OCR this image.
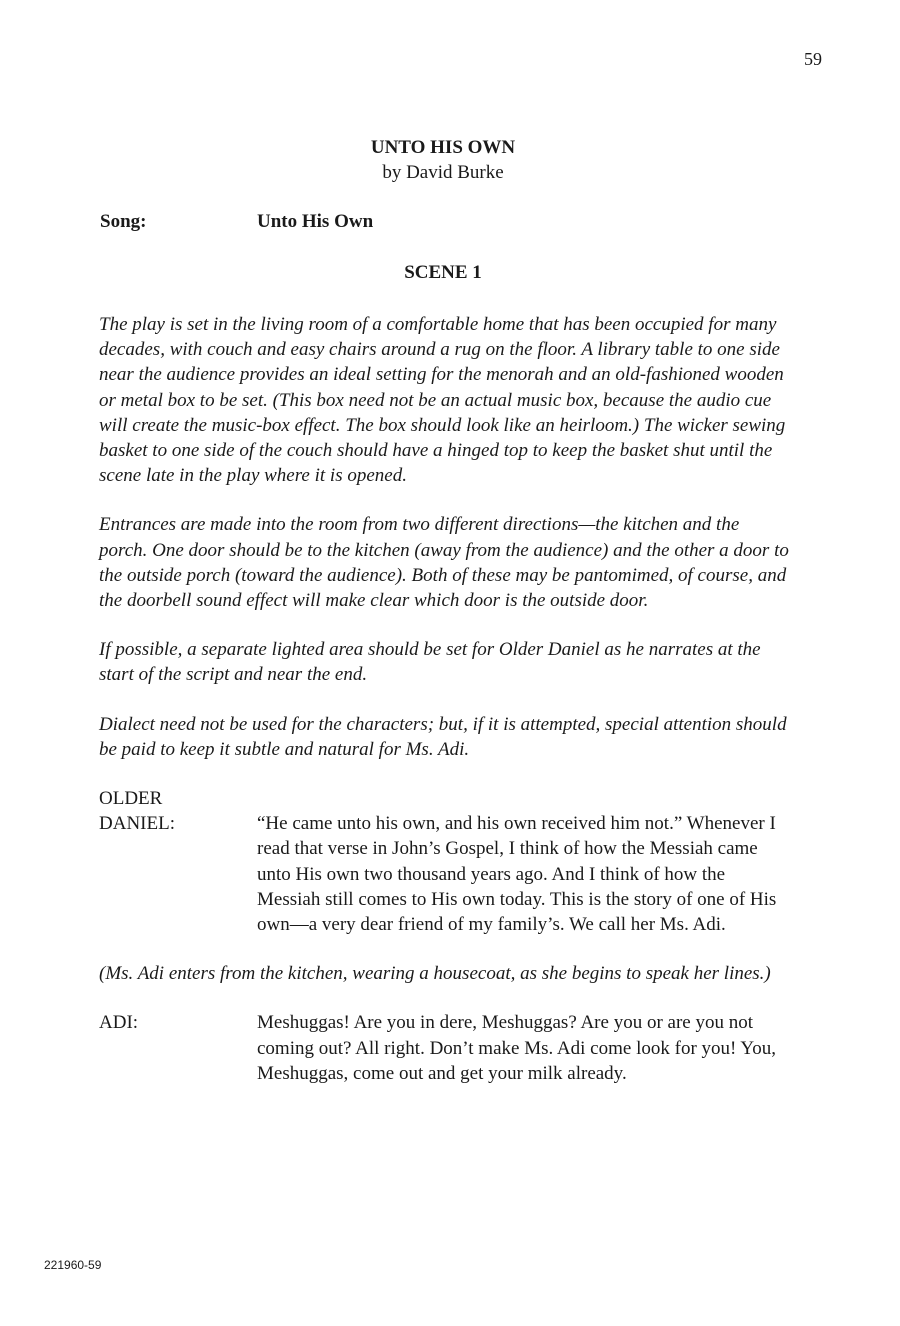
59
UNTO HIS OWN
by David Burke
Song:	Unto His Own
SCENE 1

The play is set in the living room of a comfortable home that has been occupied for many decades, with couch and easy chairs around a rug on the floor. A library table to one side near the audience provides an ideal setting for the menorah and an old-fashioned wooden or metal box to be set. (This box need not be an actual music box, because the audio cue will create the music-box effect. The box should look like an heirloom.) The wicker sewing basket to one side of the couch should have a hinged top to keep the basket shut until the scene late in the play where it is opened.

Entrances are made into the room from two different directions—the kitchen and the porch. One door should be to the kitchen (away from the audience) and the other a door to the outside porch (toward the audience). Both of these may be pantomimed, of course, and the doorbell sound effect will make clear which door is the outside door.

If possible, a separate lighted area should be set for Older Daniel as he narrates at the start of the script and near the end.

Dialect need not be used for the characters; but, if it is attempted, special attention should be paid to keep it subtle and natural for Ms. Adi.

OLDER
DANIEL:	“He came unto his own, and his own received him not.” Whenever I read that verse in John’s Gospel, I think of how the Messiah came unto His own two thousand years ago. And I think of how the Messiah still comes to His own today. This is the story of one of His own—a very dear friend of my family’s. We call her Ms. Adi.

(Ms. Adi enters from the kitchen, wearing a housecoat, as she begins to speak her lines.)

ADI:	Meshuggas! Are you in dere, Meshuggas? Are you or are you not coming out? All right. Don’t make Ms. Adi come look for you! You, Meshuggas, come out and get your milk already.
221960-59
